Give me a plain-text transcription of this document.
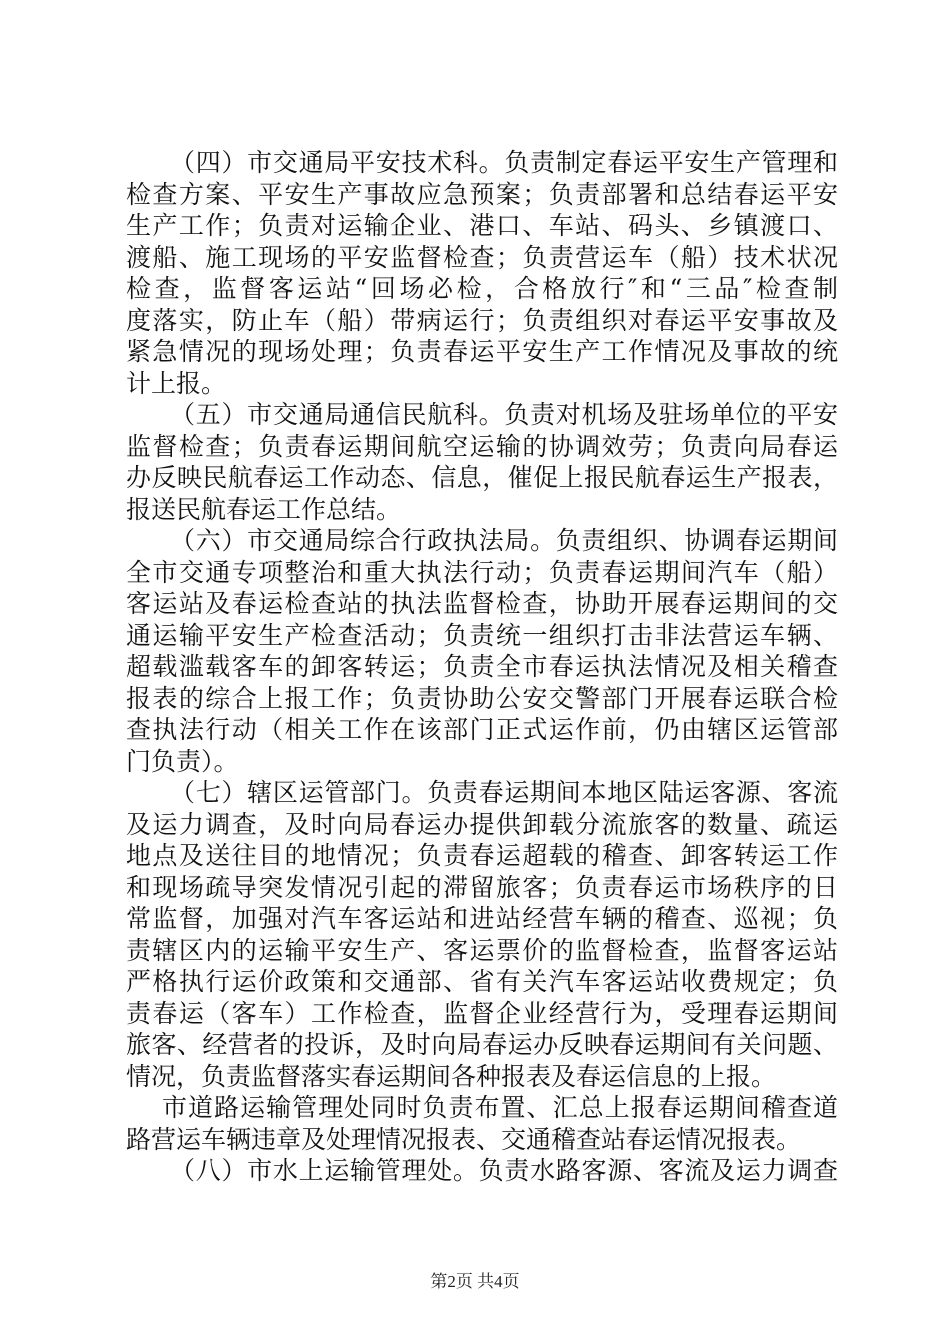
（四）市交通局平安技术科。负责制定春运平安生产管理和
检查方案、平安生产事故应急预案；负责部署和总结春运平安
生产工作；负责对运输企业、港口、车站、码头、乡镇渡口、
渡船、施工现场的平安监督检查；负责营运车（船）技术状况
检查，监督客运站“回场必检，合格放行″和“三品″检查制
度落实，防止车（船）带病运行；负责组织对春运平安事故及
紧急情况的现场处理；负责春运平安生产工作情况及事故的统
计上报。
（五）市交通局通信民航科。负责对机场及驻场单位的平安
监督检查；负责春运期间航空运输的协调效劳；负责向局春运
办反映民航春运工作动态、信息，催促上报民航春运生产报表，
报送民航春运工作总结。
（六）市交通局综合行政执法局。负责组织、协调春运期间
全市交通专项整治和重大执法行动；负责春运期间汽车（船）
客运站及春运检查站的执法监督检查，协助开展春运期间的交
通运输平安生产检查活动；负责统一组织打击非法营运车辆、
超载滥载客车的卸客转运；负责全市春运执法情况及相关稽查
报表的综合上报工作；负责协助公安交警部门开展春运联合检
查执法行动（相关工作在该部门正式运作前，仍由辖区运管部
门负责）。
（七）辖区运管部门。负责春运期间本地区陆运客源、客流
及运力调查，及时向局春运办提供卸载分流旅客的数量、疏运
地点及送往目的地情况；负责春运超载的稽查、卸客转运工作
和现场疏导突发情况引起的滞留旅客；负责春运市场秩序的日
常监督，加强对汽车客运站和进站经营车辆的稽查、巡视；负
责辖区内的运输平安生产、客运票价的监督检查，监督客运站
严格执行运价政策和交通部、省有关汽车客运站收费规定；负
责春运（客车）工作检查，监督企业经营行为，受理春运期间
旅客、经营者的投诉，及时向局春运办反映春运期间有关问题、
情况，负责监督落实春运期间各种报表及春运信息的上报。
市道路运输管理处同时负责布置、汇总上报春运期间稽查道
路营运车辆违章及处理情况报表、交通稽查站春运情况报表。
（八）市水上运输管理处。负责水路客源、客流及运力调查
第2页 共4页
